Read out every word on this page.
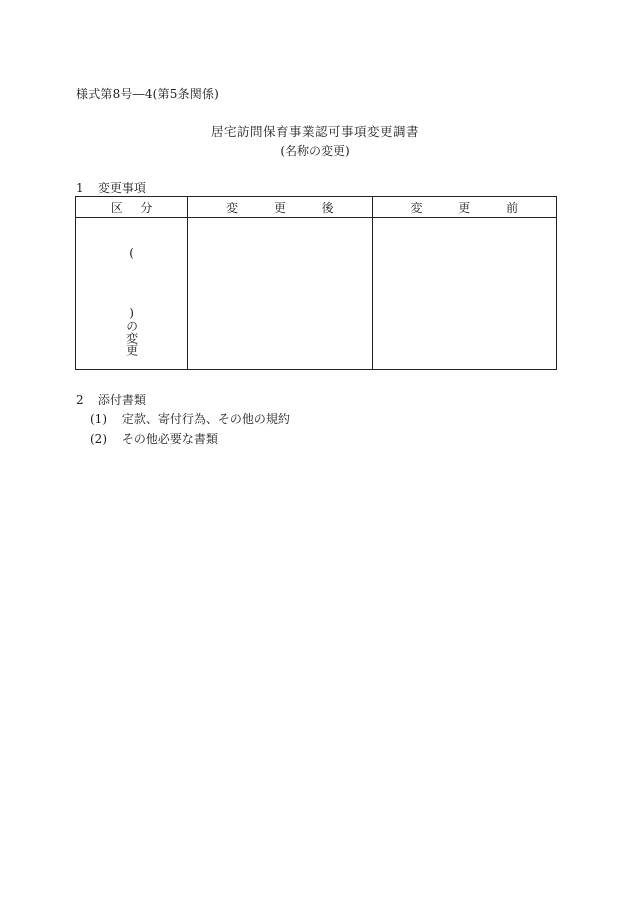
様式第8号―4(第5条関係)
居宅訪問保育事業認可事項変更調書
(名称の変更)
1 変更事項
区 分	変 更 後	変 更 前

()の変更		

2 添付書類
(1) 定款、寄付行為、その他の規約
(2) その他必要な書類
